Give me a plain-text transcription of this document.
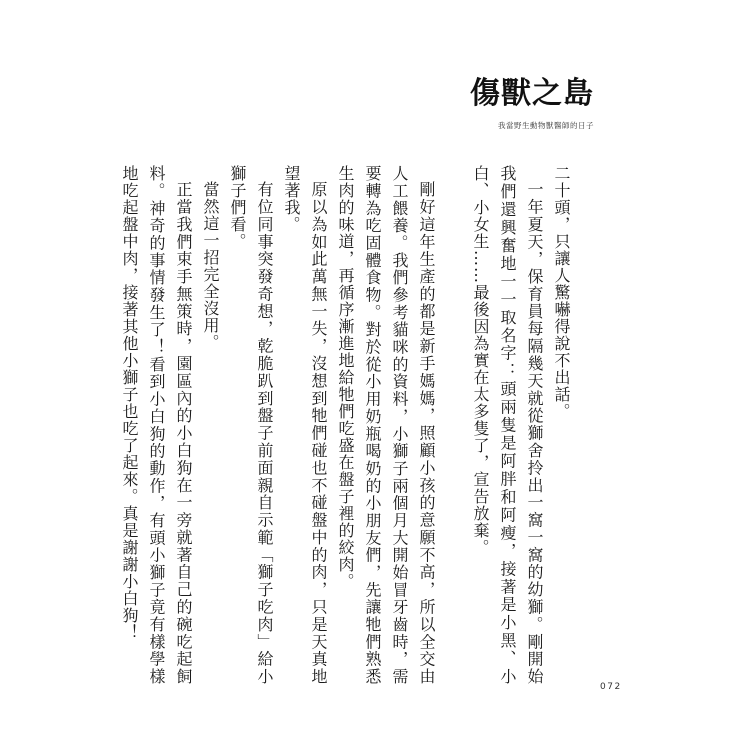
傷獸之島
我當野生動物獸醫師的日子

二十頭，只讓人驚嚇得說不出話。

一年夏天，保育員每隔幾天就從獅舍拎出一窩一窩的幼獅。剛開始我們還興奮地一一取名字：頭兩隻是阿胖和阿瘦，接著是小黑、小白、小女生……最後因為實在太多隻了，宣告放棄。

剛好這年生產的都是新手媽媽，照顧小孩的意願不高，所以全交由人工餵養。我們參考貓咪的資料，小獅子兩個月大開始冒牙齒時，需要轉為吃固體食物。對於從小用奶瓶喝奶的小朋友們，先讓牠們熟悉生肉的味道，再循序漸進地給牠們吃盛在盤子裡的絞肉。

原以為如此萬無一失，沒想到牠們碰也不碰盤中的肉，只是天真地望著我。

有位同事突發奇想，乾脆趴到盤子前面親自示範「獅子吃肉」給小獅子們看。

當然這一招完全沒用。

正當我們束手無策時，園區內的小白狗在一旁就著自己的碗吃起飼料。神奇的事情發生了！看到小白狗的動作，有頭小獅子竟有樣學樣地吃起盤中肉，接著其他小獅子也吃了起來。真是謝謝小白狗！

072
